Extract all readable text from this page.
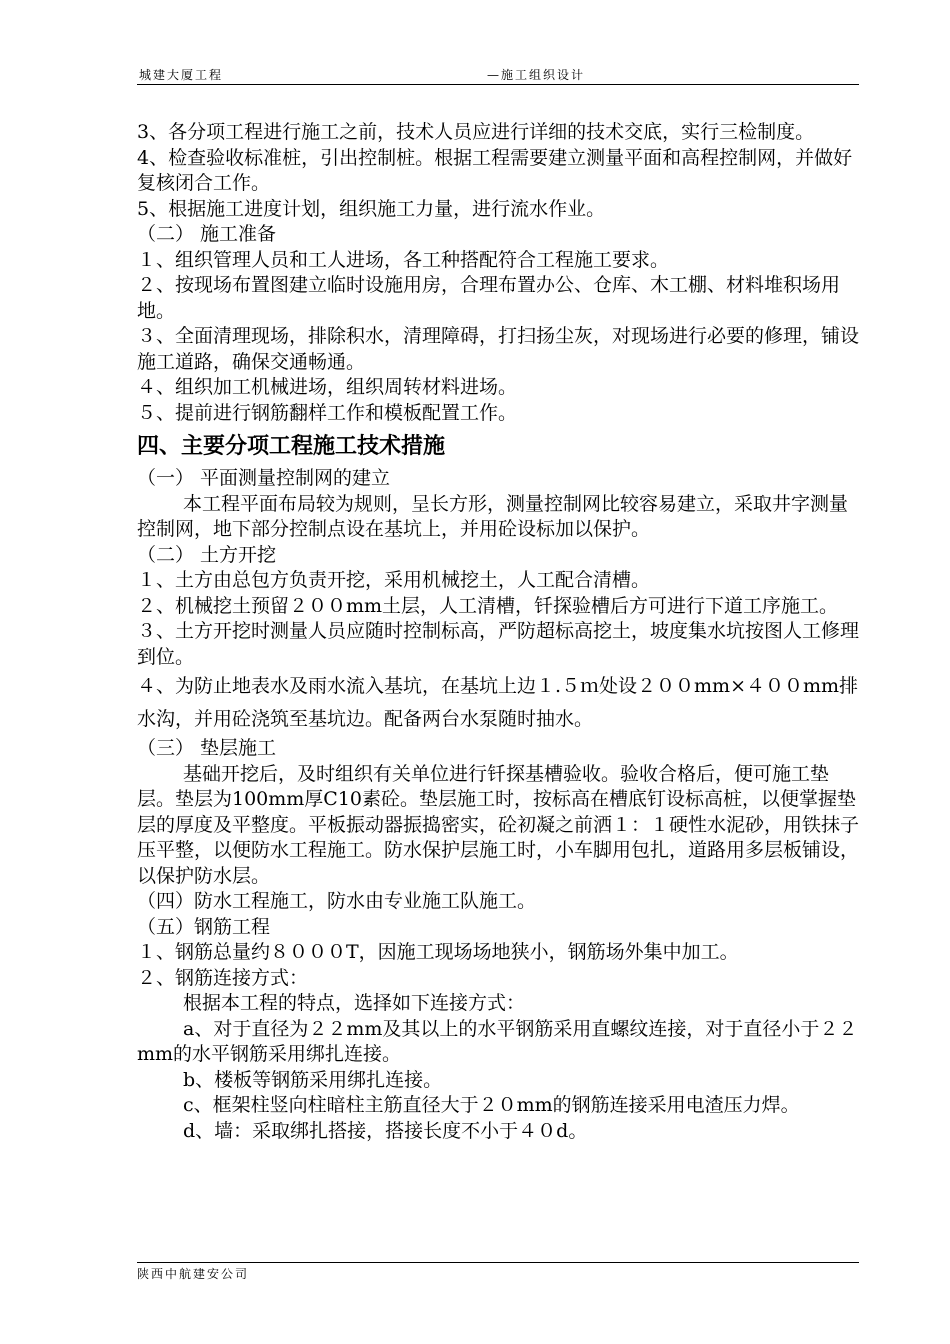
城建大厦工程	—施工组织设计

3、各分项工程进行施工之前，技术人员应进行详细的技术交底，实行三检制度。

4、检查验收标准桩，引出控制桩。根据工程需要建立测量平面和高程控制网，并做好复核闭合工作。

5、根据施工进度计划，组织施工力量，进行流水作业。

（二） 施工准备

１、组织管理人员和工人进场，各工种搭配符合工程施工要求。

２、按现场布置图建立临时设施用房，合理布置办公、仓库、木工棚、材料堆积场用地。

３、全面清理现场，排除积水，清理障碍，打扫扬尘灰，对现场进行必要的修理，铺设施工道路，确保交通畅通。

４、组织加工机械进场，组织周转材料进场。

５、提前进行钢筋翻样工作和模板配置工作。

四、主要分项工程施工技术措施

（一） 平面测量控制网的建立

本工程平面布局较为规则，呈长方形，测量控制网比较容易建立，采取井字测量控制网，地下部分控制点设在基坑上，并用砼设标加以保护。

（二） 土方开挖

１、土方由总包方负责开挖，采用机械挖土，人工配合清槽。

２、机械挖土预留２００mm土层，人工清槽，钎探验槽后方可进行下道工序施工。

３、土方开挖时测量人员应随时控制标高，严防超标高挖土，坡度集水坑按图人工修理到位。

４、为防止地表水及雨水流入基坑，在基坑上边１.５ｍ处设２００mm×４００mm排水沟，并用砼浇筑至基坑边。配备两台水泵随时抽水。

（三） 垫层施工

基础开挖后，及时组织有关单位进行钎探基槽验收。验收合格后，便可施工垫层。垫层为100mm厚C10素砼。垫层施工时，按标高在槽底钉设标高桩，以便掌握垫层的厚度及平整度。平板振动器振捣密实，砼初凝之前洒１：１硬性水泥砂，用铁抹子压平整，以便防水工程施工。防水保护层施工时，小车脚用包扎，道路用多层板铺设，以保护防水层。

（四）防水工程施工，防水由专业施工队施工。

（五）钢筋工程

１、钢筋总量约８０００T，因施工现场场地狭小，钢筋场外集中加工。

２、钢筋连接方式：

根据本工程的特点，选择如下连接方式：

a、对于直径为２２mm及其以上的水平钢筋采用直螺纹连接，对于直径小于２２mm的水平钢筋采用绑扎连接。

b、楼板等钢筋采用绑扎连接。

c、框架柱竖向柱暗柱主筋直径大于２０mm的钢筋连接采用电渣压力焊。

d、墙：采取绑扎搭接，搭接长度不小于４０d。

陕西中航建安公司
